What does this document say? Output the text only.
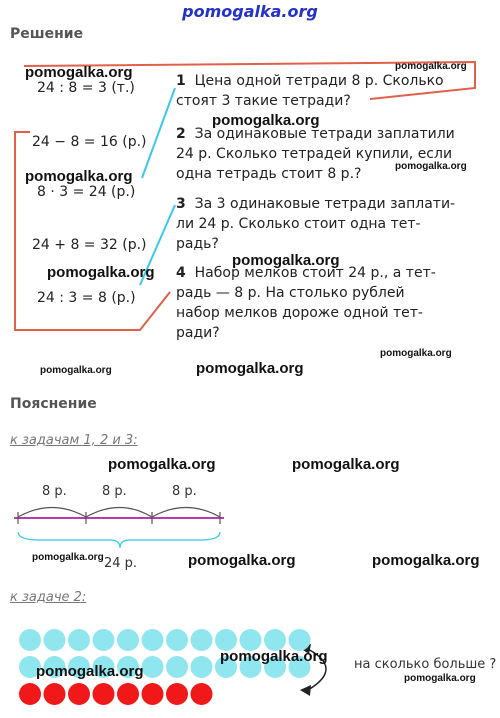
pomogalka.org
Решение
Пояснение
24 : 8 = 3 (т.)
24 − 8 = 16 (р.)
8 · 3 = 24 (р.)
24 + 8 = 32 (р.)
24 : 3 = 8 (р.)
1 Цена одной тетради 8 р. Сколько
стоят 3 такие тетради?
2 За одинаковые тетради заплатили
24 р. Сколько тетрадей купили, если
одна тетрадь стоит 8 р.?
3 За 3 одинаковые тетради заплати-
ли 24 р. Сколько стоит одна тет-
радь?
4 Набор мелков стоит 24 р., а тет-
радь — 8 р. На столько рублей
набор мелков дороже одной тет-
ради?
pomogalka.org	pomogalka.org
pomogalka.org
pomogalka.org
pomogalka.org
pomogalka.org
pomogalka.org
pomogalka.org
pomogalka.org	pomogalka.org
к задачам 1, 2 и 3:
pomogalka.org	pomogalka.org
8 р.	8 р.	8 р.
24 р.
pomogalka.org	pomogalka.org	pomogalka.org
к задаче 2:
pomogalka.org
pomogalka.org	на сколько больше ?
pomogalka.org
